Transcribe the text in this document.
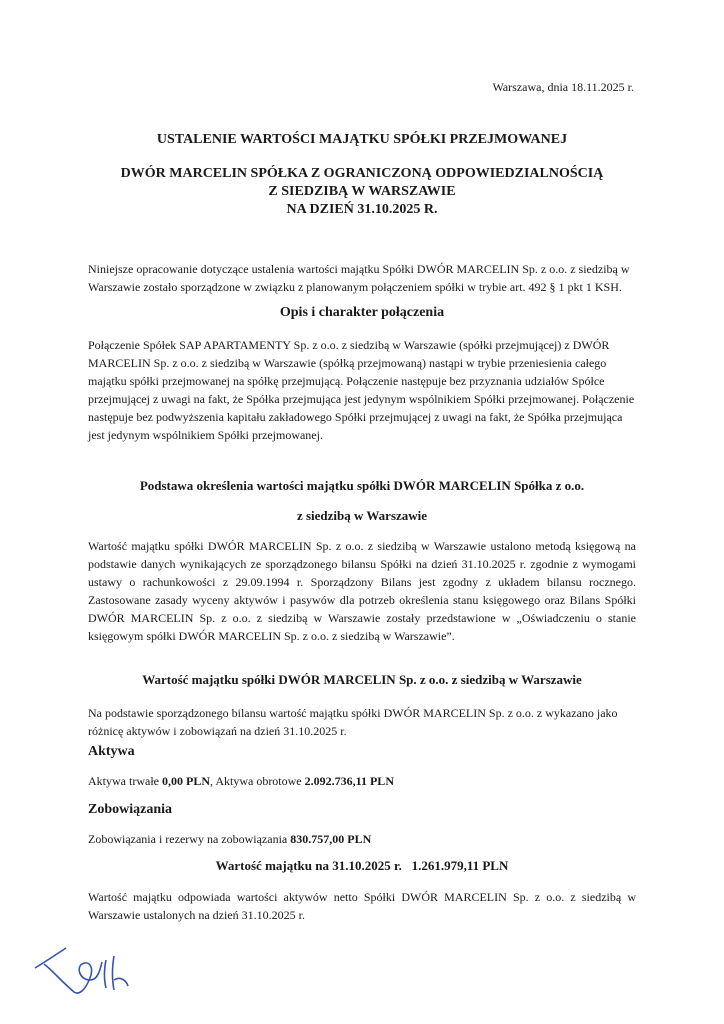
Warszawa, dnia 18.11.2025 r.
USTALENIE WARTOŚCI MAJĄTKU SPÓŁKI PRZEJMOWANEJ
DWÓR MARCELIN SPÓŁKA Z OGRANICZONĄ ODPOWIEDZIALNOŚCIĄ
Z SIEDZIBĄ W WARSZAWIE
NA DZIEŃ 31.10.2025 R.

Niniejsze opracowanie dotyczące ustalenia wartości majątku Spółki DWÓR MARCELIN Sp. z o.o. z siedzibą w Warszawie zostało sporządzone w związku z planowanym połączeniem spółki w trybie art. 492 § 1 pkt 1 KSH.

Opis i charakter połączenia

Połączenie Spółek SAP APARTAMENTY Sp. z o.o. z siedzibą w Warszawie (spółki przejmującej) z DWÓR MARCELIN Sp. z o.o. z siedzibą w Warszawie (spółką przejmowaną) nastąpi w trybie przeniesienia całego majątku spółki przejmowanej na spółkę przejmującą. Połączenie następuje bez przyznania udziałów Spółce przejmującej z uwagi na fakt, że Spółka przejmująca jest jedynym wspólnikiem Spółki przejmowanej. Połączenie następuje bez podwyższenia kapitału zakładowego Spółki przejmującej z uwagi na fakt, że Spółka przejmująca jest jedynym wspólnikiem Spółki przejmowanej.

Podstawa określenia wartości majątku spółki DWÓR MARCELIN Spółka z o.o.
z siedzibą w Warszawie

Wartość majątku spółki DWÓR MARCELIN Sp. z o.o. z siedzibą w Warszawie ustalono metodą księgową na podstawie danych wynikających ze sporządzonego bilansu Spółki na dzień 31.10.2025 r. zgodnie z wymogami ustawy o rachunkowości z 29.09.1994 r. Sporządzony Bilans jest zgodny z układem bilansu rocznego. Zastosowane zasady wyceny aktywów i pasywów dla potrzeb określenia stanu księgowego oraz Bilans Spółki DWÓR MARCELIN Sp. z o.o. z siedzibą w Warszawie zostały przedstawione w „Oświadczeniu o stanie księgowym spółki DWÓR MARCELIN Sp. z o.o. z siedzibą w Warszawie”.

Wartość majątku spółki DWÓR MARCELIN Sp. z o.o. z siedzibą w Warszawie

Na podstawie sporządzonego bilansu wartość majątku spółki DWÓR MARCELIN Sp. z o.o. z wykazano jako różnicę aktywów i zobowiązań na dzień 31.10.2025 r.

Aktywa
Aktywa trwałe 0,00 PLN, Aktywa obrotowe 2.092.736,11 PLN
Zobowiązania
Zobowiązania i rezerwy na zobowiązania 830.757,00 PLN
Wartość majątku na 31.10.2025 r. 1.261.979,11 PLN

Wartość majątku odpowiada wartości aktywów netto Spółki DWÓR MARCELIN Sp. z o.o. z siedzibą w Warszawie ustalonych na dzień 31.10.2025 r.
